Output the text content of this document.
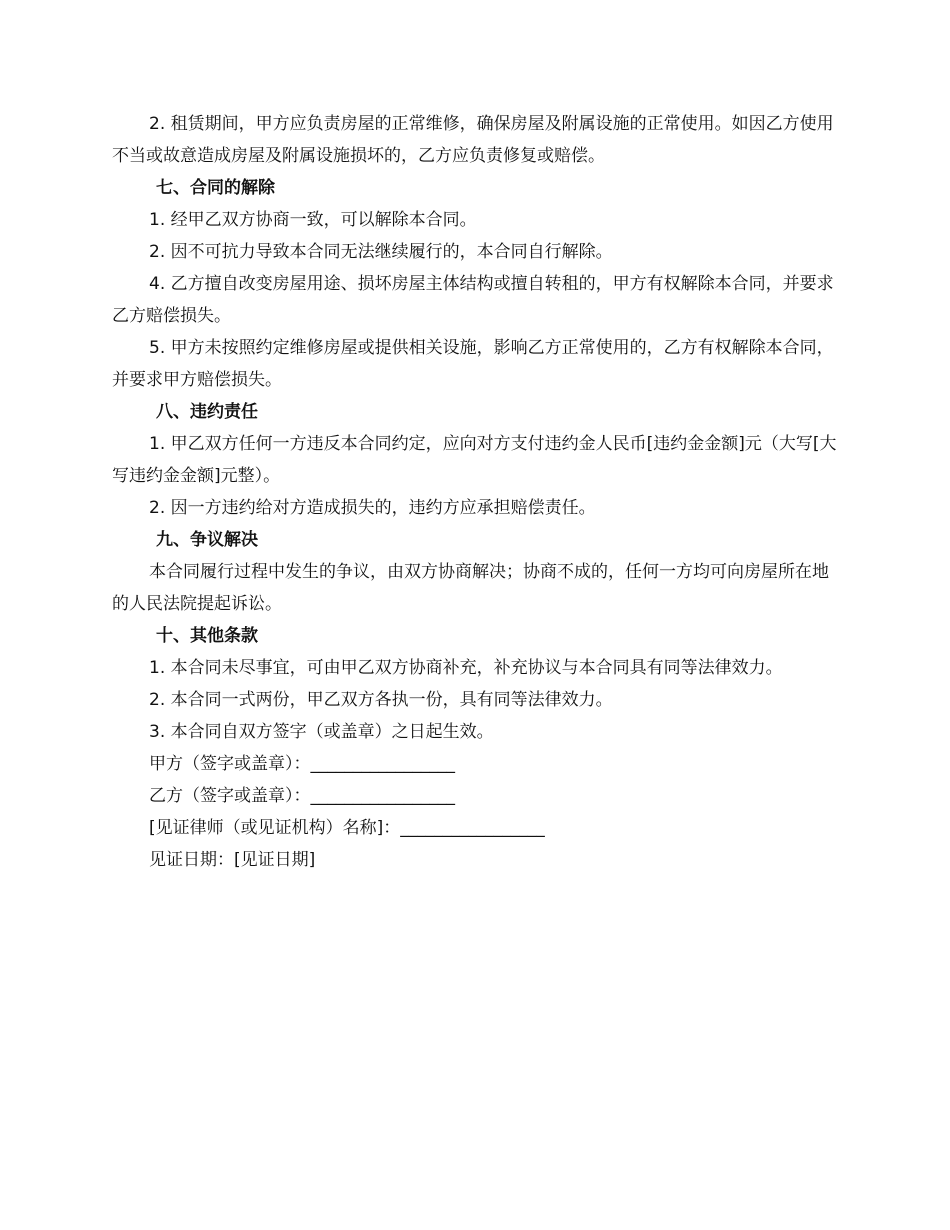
2. 租赁期间，甲方应负责房屋的正常维修，确保房屋及附属设施的正常使用。如因乙方使用不当或故意造成房屋及附属设施损坏的，乙方应负责修复或赔偿。

七、合同的解除

1. 经甲乙双方协商一致，可以解除本合同。

2. 因不可抗力导致本合同无法继续履行的，本合同自行解除。

4. 乙方擅自改变房屋用途、损坏房屋主体结构或擅自转租的，甲方有权解除本合同，并要求乙方赔偿损失。

5. 甲方未按照约定维修房屋或提供相关设施，影响乙方正常使用的，乙方有权解除本合同，并要求甲方赔偿损失。

八、违约责任

1. 甲乙双方任何一方违反本合同约定，应向对方支付违约金人民币[违约金金额]元（大写[大写违约金金额]元整）。

2. 因一方违约给对方造成损失的，违约方应承担赔偿责任。

九、争议解决

本合同履行过程中发生的争议，由双方协商解决；协商不成的，任何一方均可向房屋所在地的人民法院提起诉讼。

十、其他条款

1. 本合同未尽事宜，可由甲乙双方协商补充，补充协议与本合同具有同等法律效力。

2. 本合同一式两份，甲乙双方各执一份，具有同等法律效力。

3. 本合同自双方签字（或盖章）之日起生效。

甲方（签字或盖章）：_________________

乙方（签字或盖章）：_________________

[见证律师（或见证机构）名称]：_________________

见证日期：[见证日期]
